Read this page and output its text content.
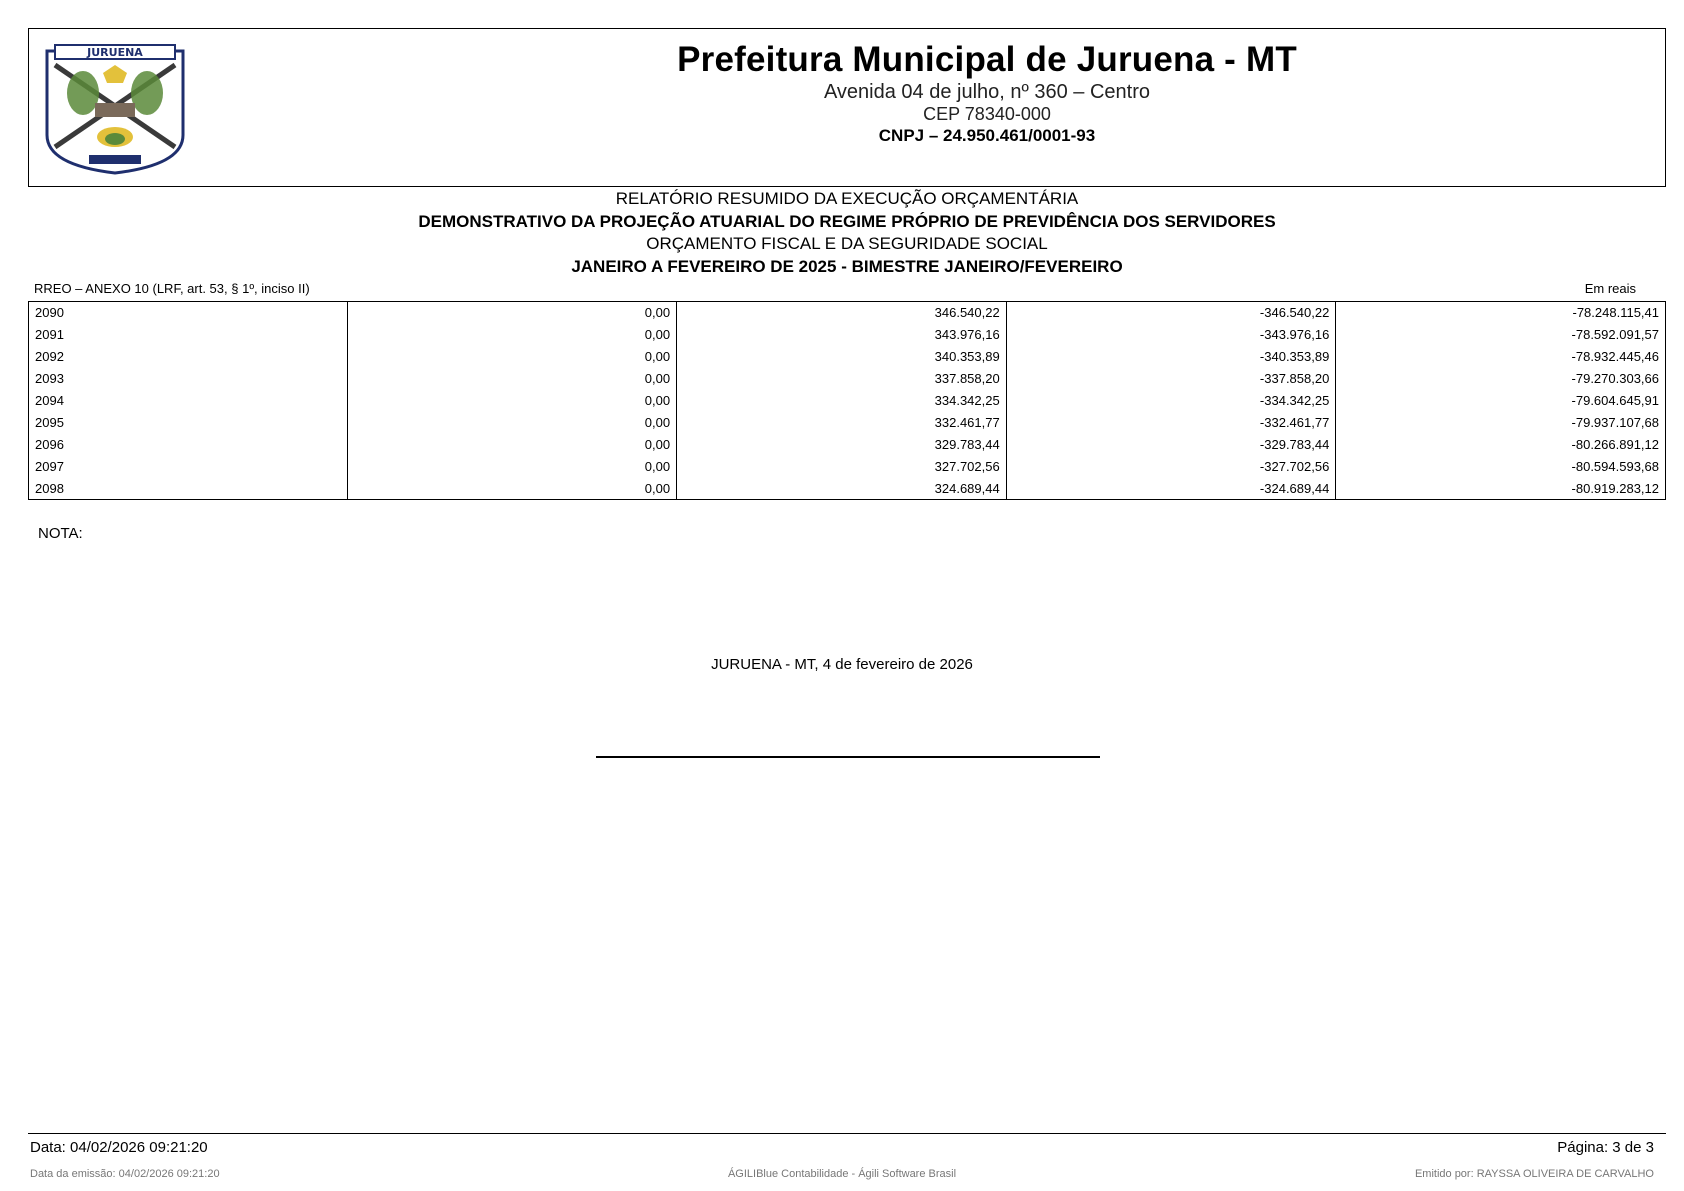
JURUENA	Prefeitura Municipal de Juruena - MT
Avenida 04 de julho, nº 360 – Centro
CEP 78340-000
CNPJ – 24.950.461/0001-93
RELATÓRIO RESUMIDO DA EXECUÇÃO ORÇAMENTÁRIA
DEMONSTRATIVO DA PROJEÇÃO ATUARIAL DO REGIME PRÓPRIO DE PREVIDÊNCIA DOS SERVIDORES
ORÇAMENTO FISCAL E DA SEGURIDADE SOCIAL
JANEIRO A FEVEREIRO DE 2025 - BIMESTRE JANEIRO/FEVEREIRO
RREO – ANEXO 10 (LRF, art. 53, § 1º, inciso II)	Em reais
2090	0,00	346.540,22	-346.540,22	-78.248.115,41
2091	0,00	343.976,16	-343.976,16	-78.592.091,57
2092	0,00	340.353,89	-340.353,89	-78.932.445,46
2093	0,00	337.858,20	-337.858,20	-79.270.303,66
2094	0,00	334.342,25	-334.342,25	-79.604.645,91
2095	0,00	332.461,77	-332.461,77	-79.937.107,68
2096	0,00	329.783,44	-329.783,44	-80.266.891,12
2097	0,00	327.702,56	-327.702,56	-80.594.593,68
2098	0,00	324.689,44	-324.689,44	-80.919.283,12
NOTA:
JURUENA - MT, 4 de fevereiro de 2026
Data: 04/02/2026 09:21:20	Página: 3 de 3
Data da emissão: 04/02/2026 09:21:20	ÁGILIBlue Contabilidade - Ágili Software Brasil	Emitido por: RAYSSA OLIVEIRA DE CARVALHO
